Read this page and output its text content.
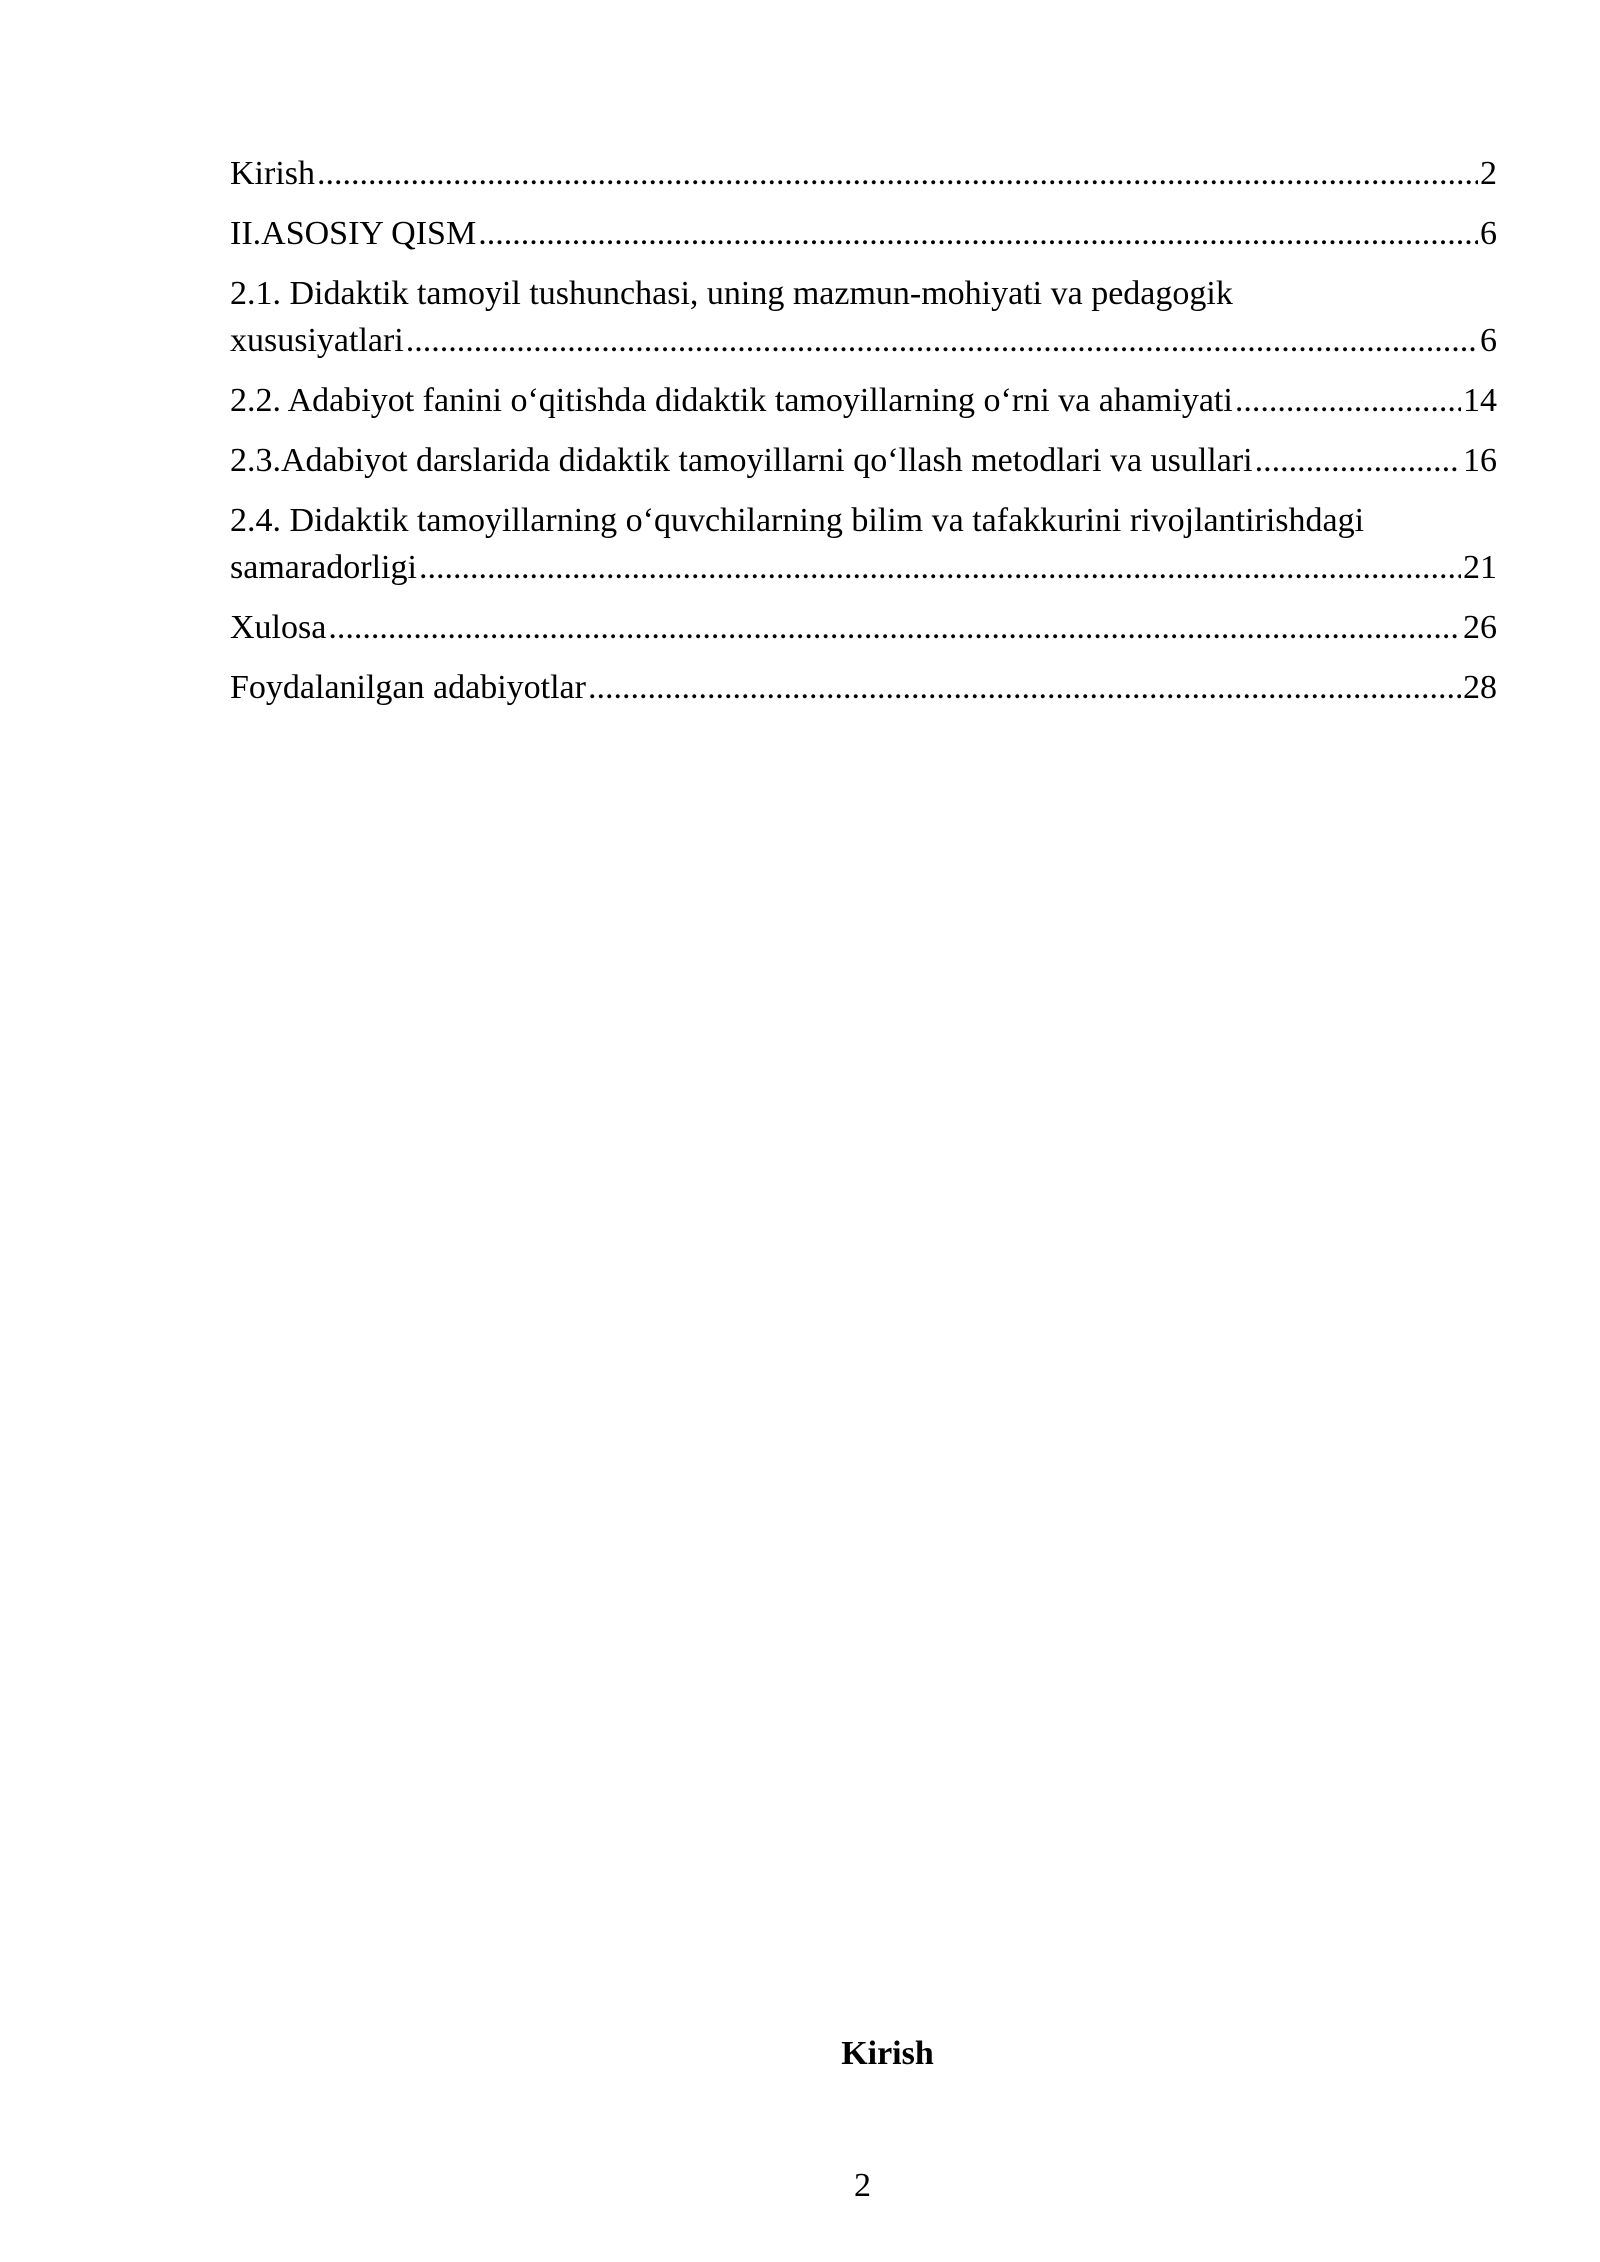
Kirish .....	2
II.ASOSIY QISM .....	6
2.1. Didaktik tamoyil tushunchasi, uning mazmun-mohiyati va pedagogik
xususiyatlari .....	6
2.2. Adabiyot fanini o‘qitishda didaktik tamoyillarning o‘rni va ahamiyati .....	14
2.3.Adabiyot darslarida didaktik tamoyillarni qo‘llash metodlari va usullari .....	16
2.4. Didaktik tamoyillarning o‘quvchilarning bilim va tafakkurini rivojlantirishdagi
samaradorligi .....	21
Xulosa .....	26
Foydalanilgan adabiyotlar .....	28
Kirish
2
